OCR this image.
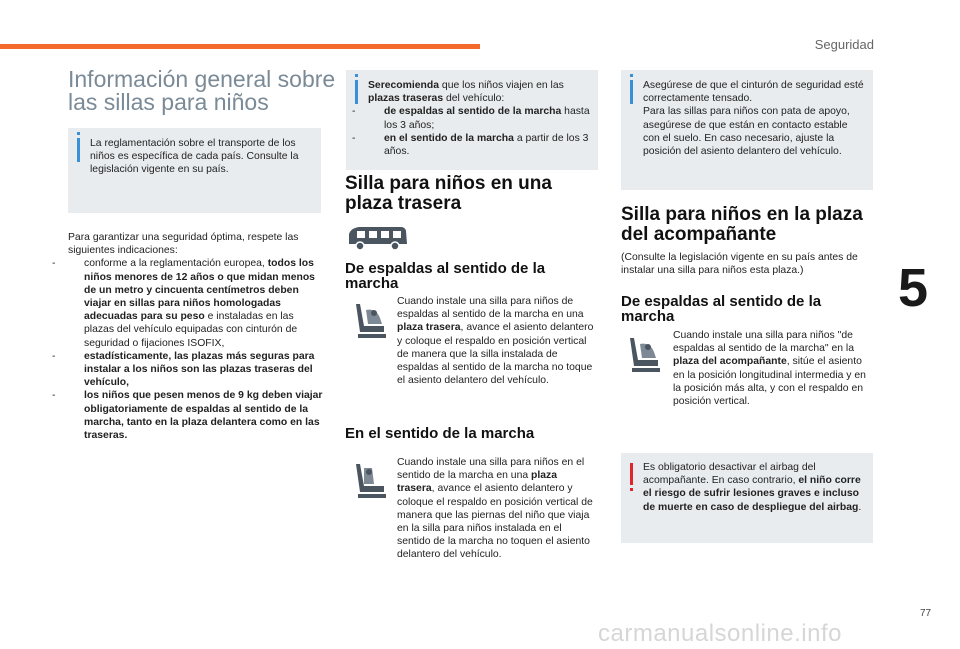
Seguridad
5
Información general sobre
las sillas para niños
La reglamentación sobre el transporte de los niños es específica de cada país. Consulte la legislación vigente en su país.
Para garantizar una seguridad óptima, respete las siguientes indicaciones:
-	conforme a la reglamentación europea, todos los niños menores de 12 años o que midan menos de un metro y cincuenta centímetros deben viajar en sillas para niños homologadas adecuadas para su peso e instaladas en las plazas del vehículo equipadas con cinturón de seguridad o fijaciones ISOFIX,
-	estadísticamente, las plazas más seguras para instalar a los niños son las plazas traseras del vehículo,
-	los niños que pesen menos de 9 kg deben viajar obligatoriamente de espaldas al sentido de la marcha, tanto en la plaza delantera como en las traseras.
Serecomienda que los niños viajen en las plazas traseras del vehículo:
-	de espaldas al sentido de la marcha hasta los 3 años;
-	en el sentido de la marcha a partir de los 3 años.
Silla para niños en una plaza trasera
De espaldas al sentido de la marcha
Cuando instale una silla para niños de espaldas al sentido de la marcha en una plaza trasera, avance el asiento delantero y coloque el respaldo en posición vertical de manera que la silla instalada de espaldas al sentido de la marcha no toque el asiento delantero del vehículo.
En el sentido de la marcha
Cuando instale una silla para niños en el sentido de la marcha en una plaza trasera, avance el asiento delantero y coloque el respaldo en posición vertical de manera que las piernas del niño que viaja en la silla para niños instalada en el sentido de la marcha no toquen el asiento delantero del vehículo.
Asegúrese de que el cinturón de seguridad esté correctamente tensado.
Para las sillas para niños con pata de apoyo, asegúrese de que están en contacto estable con el suelo. En caso necesario, ajuste la posición del asiento delantero del vehículo.
Silla para niños en la plaza del acompañante
(Consulte la legislación vigente en su país antes de instalar una silla para niños esta plaza.)
De espaldas al sentido de la marcha
Cuando instale una silla para niños "de espaldas al sentido de la marcha" en la plaza del acompañante, sitúe el asiento en la posición longitudinal intermedia y en la posición más alta, y con el respaldo en posición vertical.
Es obligatorio desactivar el airbag del acompañante. En caso contrario, el niño corre el riesgo de sufrir lesiones graves e incluso de muerte en caso de despliegue del airbag.
77
carmanualsonline.info
